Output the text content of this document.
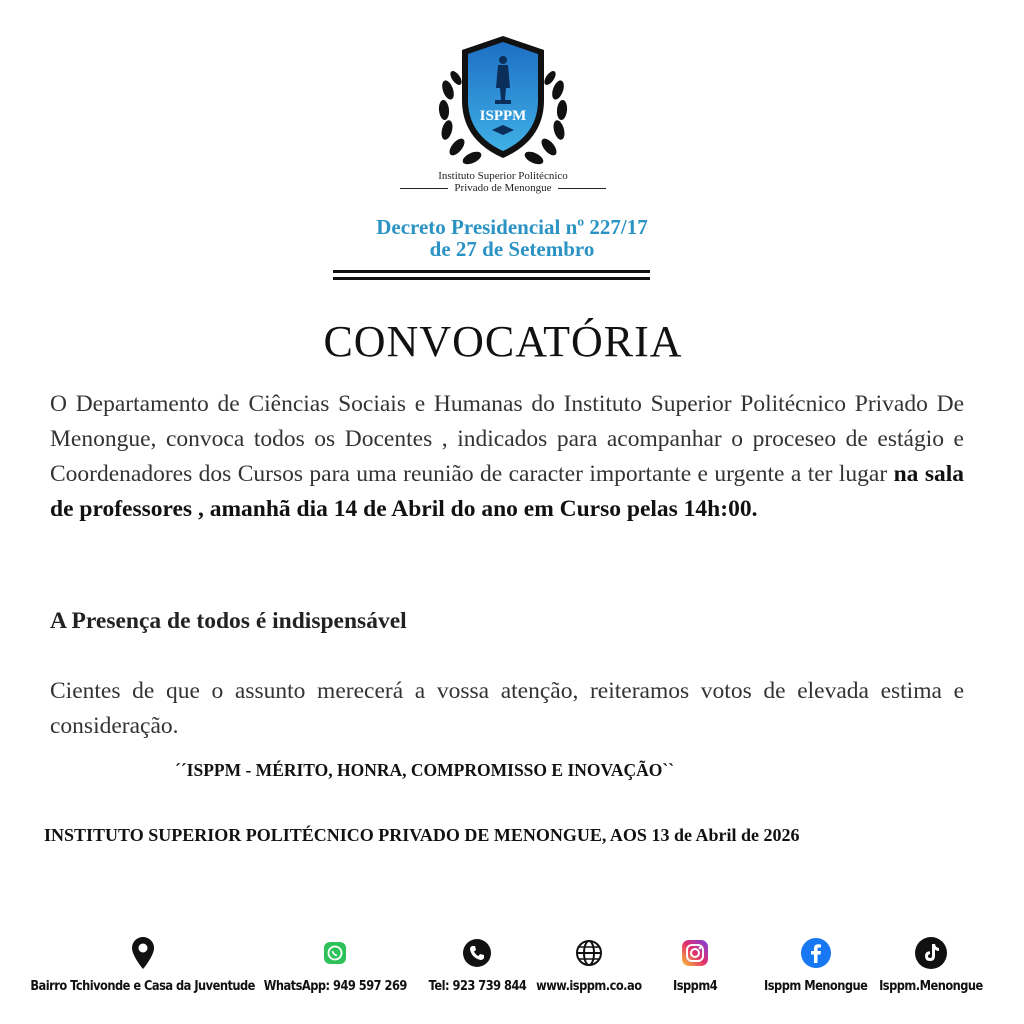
ISPPM
Instituto Superior Politécnico
Privado de Menongue
Decreto Presidencial nº 227/17
de 27 de Setembro
CONVOCATÓRIA
O Departamento de Ciências Sociais e Humanas do Instituto Superior Politécnico Privado De Menongue, convoca todos os Docentes , indicados para acompanhar o proceseo de estágio e Coordenadores dos Cursos para uma reunião de caracter importante e urgente a ter lugar na sala de professores , amanhã dia 14 de Abril do ano em Curso pelas 14h:00.
A Presença de todos é indispensável
Cientes de que o assunto merecerá a vossa atenção, reiteramos votos de elevada estima e consideração.
´´ISPPM - MÉRITO, HONRA, COMPROMISSO E INOVAÇÃO``
INSTITUTO SUPERIOR POLITÉCNICO PRIVADO DE MENONGUE, AOS 13 de Abril de 2026
Bairro Tchivonde e Casa da Juventude WhatsApp: 949 597 269 Tel: 923 739 844 www.isppm.co.ao Isppm4	Isppm Menongue Isppm.Menongue
